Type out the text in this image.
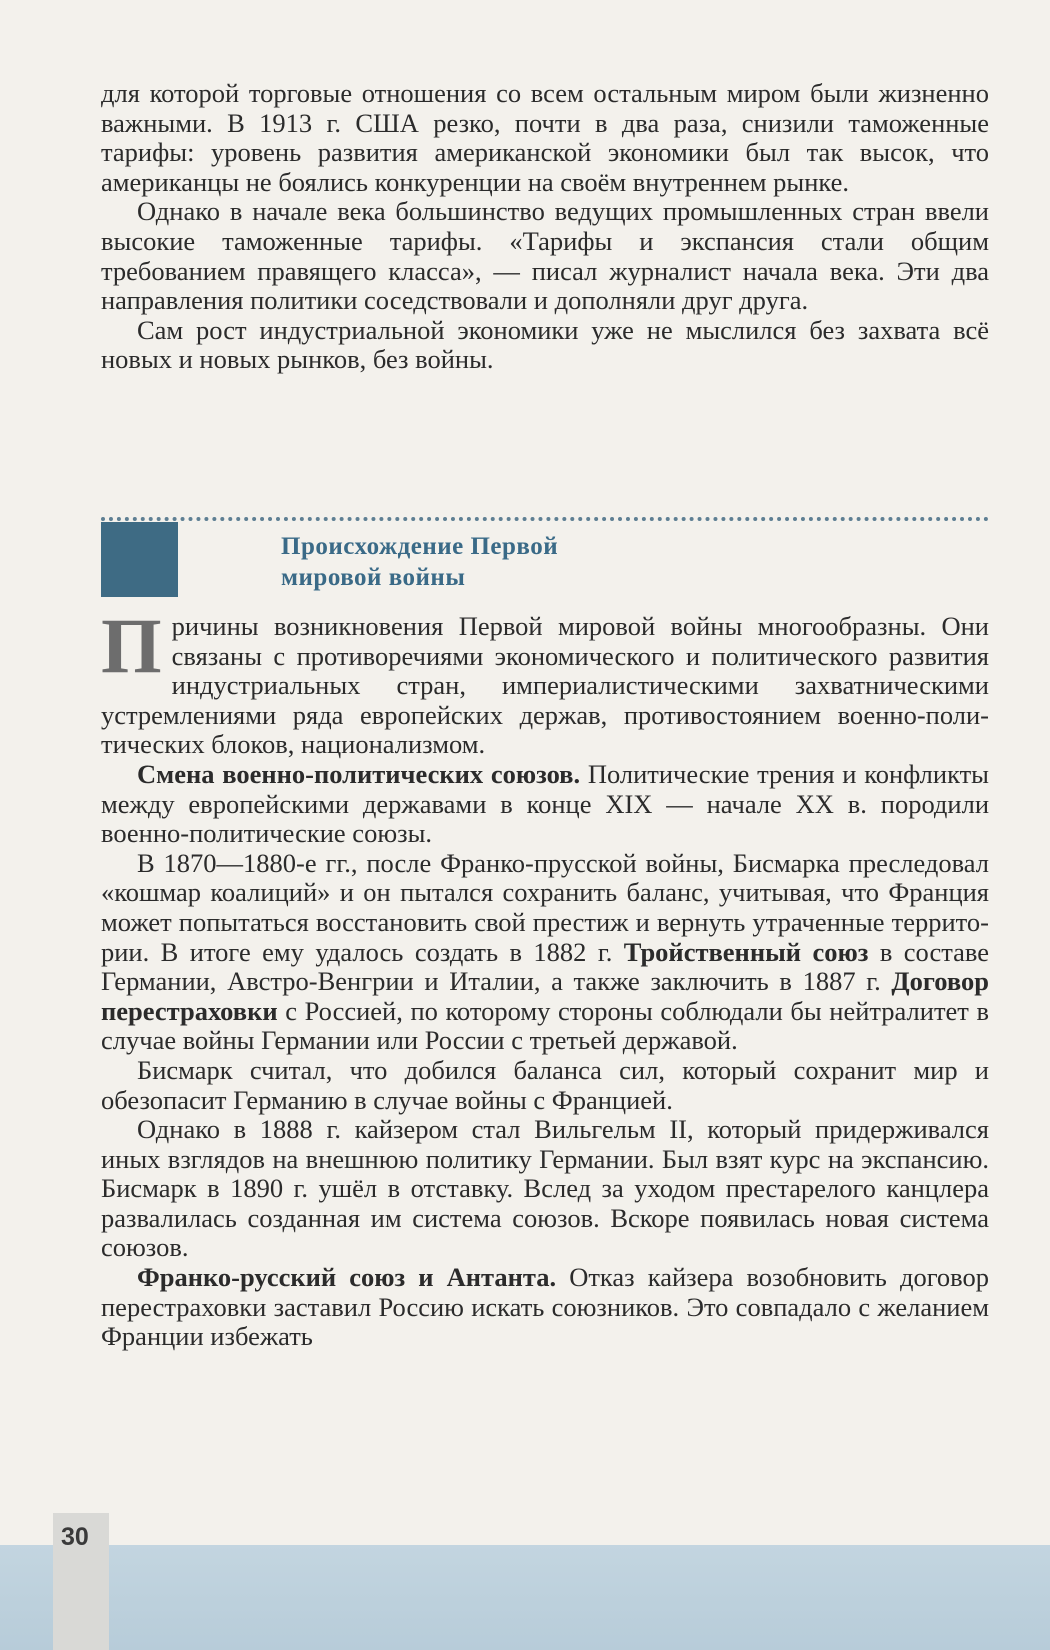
для которой торговые отношения со всем остальным миром были жизненно важными. В 1913 г. США резко, почти в два раза, снизили таможенные тарифы: уровень развития американской экономики был так высок, что американцы не боялись конкуренции на своём внутреннем рынке.

Однако в начале века большинство ведущих промышленных стран ввели высокие таможенные тарифы. «Тарифы и экспансия стали общим требованием правящего класса», — писал журналист начала века. Эти два направления политики соседствовали и дополняли друг друга.

Сам рост индустриальной экономики уже не мыслился без захвата всё новых и новых рынков, без войны.

Происхождение Первой
мировой войны

Причины возникновения Первой мировой войны многообразны. Они связаны с противоречиями экономического и политического развития индустриальных стран, империалистическими захватническими устремлениями ряда европейских держав, противостоянием военно-политических блоков, национализмом.

Смена военно-политических союзов. Политические трения и конфликты между европейскими державами в конце XIX — начале XX в. породили военно-политические союзы.

В 1870—1880-е гг., после Франко-прусской войны, Бисмарка преследовал «кошмар коалиций» и он пытался сохранить баланс, учитывая, что Франция может попытаться восстановить свой престиж и вернуть утраченные территории. В итоге ему удалось создать в 1882 г. Тройственный союз в составе Германии, Австро-Венгрии и Италии, а также заключить в 1887 г. Договор перестраховки с Россией, по которому стороны соблюдали бы нейтралитет в случае войны Германии или России с третьей державой.

Бисмарк считал, что добился баланса сил, который сохранит мир и обезопасит Германию в случае войны с Францией.

Однако в 1888 г. кайзером стал Вильгельм II, который придерживался иных взглядов на внешнюю политику Германии. Был взят курс на экспансию. Бисмарк в 1890 г. ушёл в отставку. Вслед за уходом престарелого канцлера развалилась созданная им система союзов. Вскоре появилась новая система союзов.

Франко-русский союз и Антанта. Отказ кайзера возобновить договор перестраховки заставил Россию искать союзников. Это совпадало с желанием Франции избежать

30
